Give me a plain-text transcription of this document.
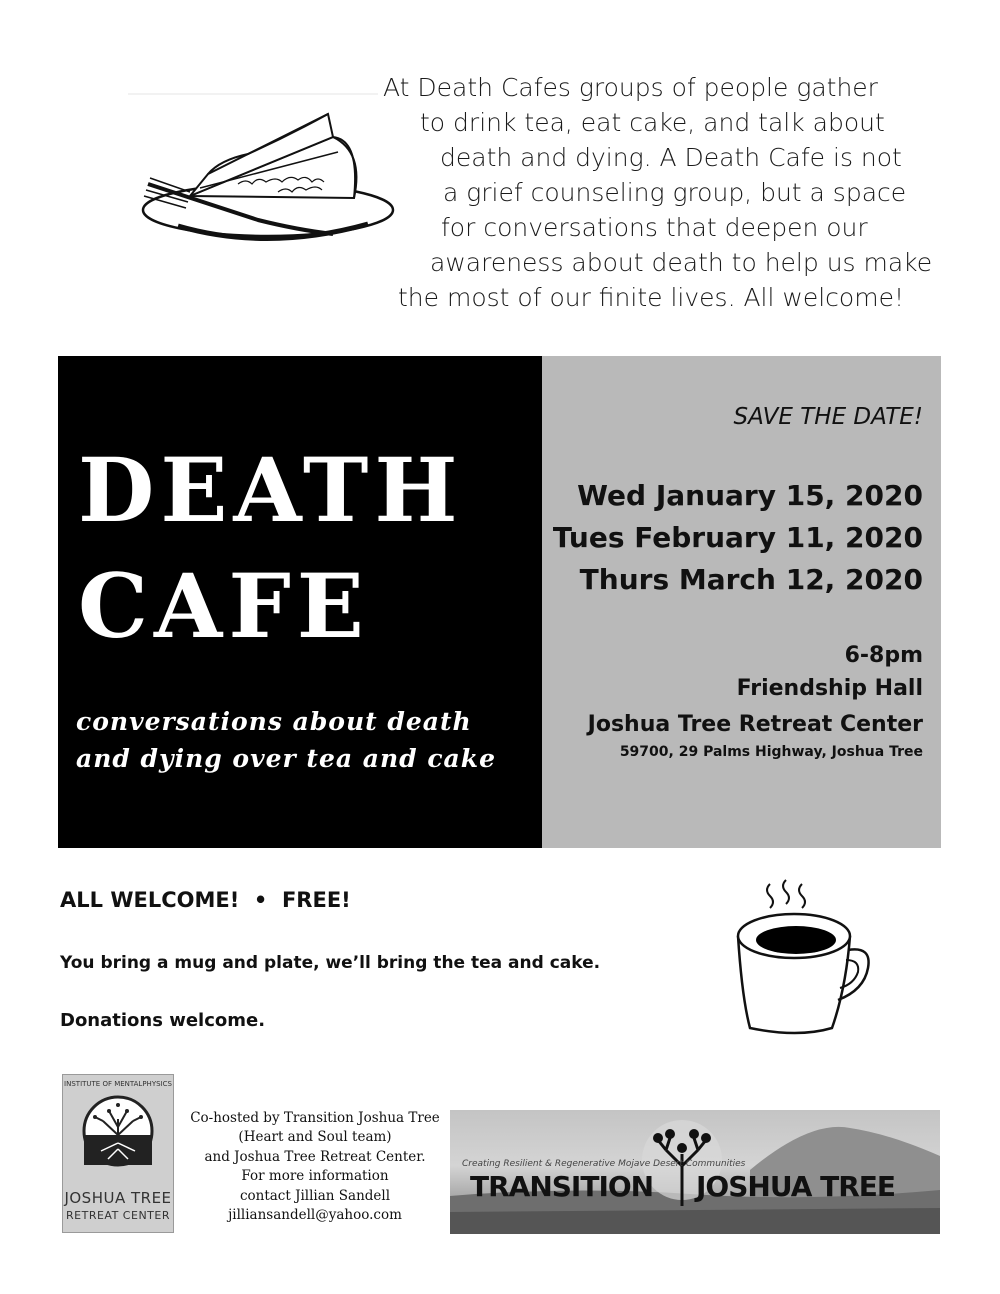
At Death Cafes groups of people gather
to drink tea, eat cake, and talk about
death and dying. A Death Cafe is not
a grief counseling group, but a space
for conversations that deepen our
awareness about death to help us make
the most of our finite lives. All welcome!
DEATH
CAFE
conversations about death
and dying over tea and cake
SAVE THE DATE!
Wed January 15, 2020
Tues February 11, 2020
Thurs March 12, 2020
6-8pm
Friendship Hall
Joshua Tree Retreat Center
59700, 29 Palms Highway, Joshua Tree
ALL WELCOME!  •  FREE!
You bring a mug and plate, we’ll bring the tea and cake.
Donations welcome.
INSTITUTE OF MENTALPHYSICS
JOSHUA TREE
RETREAT CENTER
Co-hosted by Transition Joshua Tree
(Heart and Soul team)
and Joshua Tree Retreat Center.
For more information
contact Jillian Sandell
jilliansandell@yahoo.com
Creating Resilient & Regenerative Mojave Desert Communities
TRANSITION JOSHUA TREE
